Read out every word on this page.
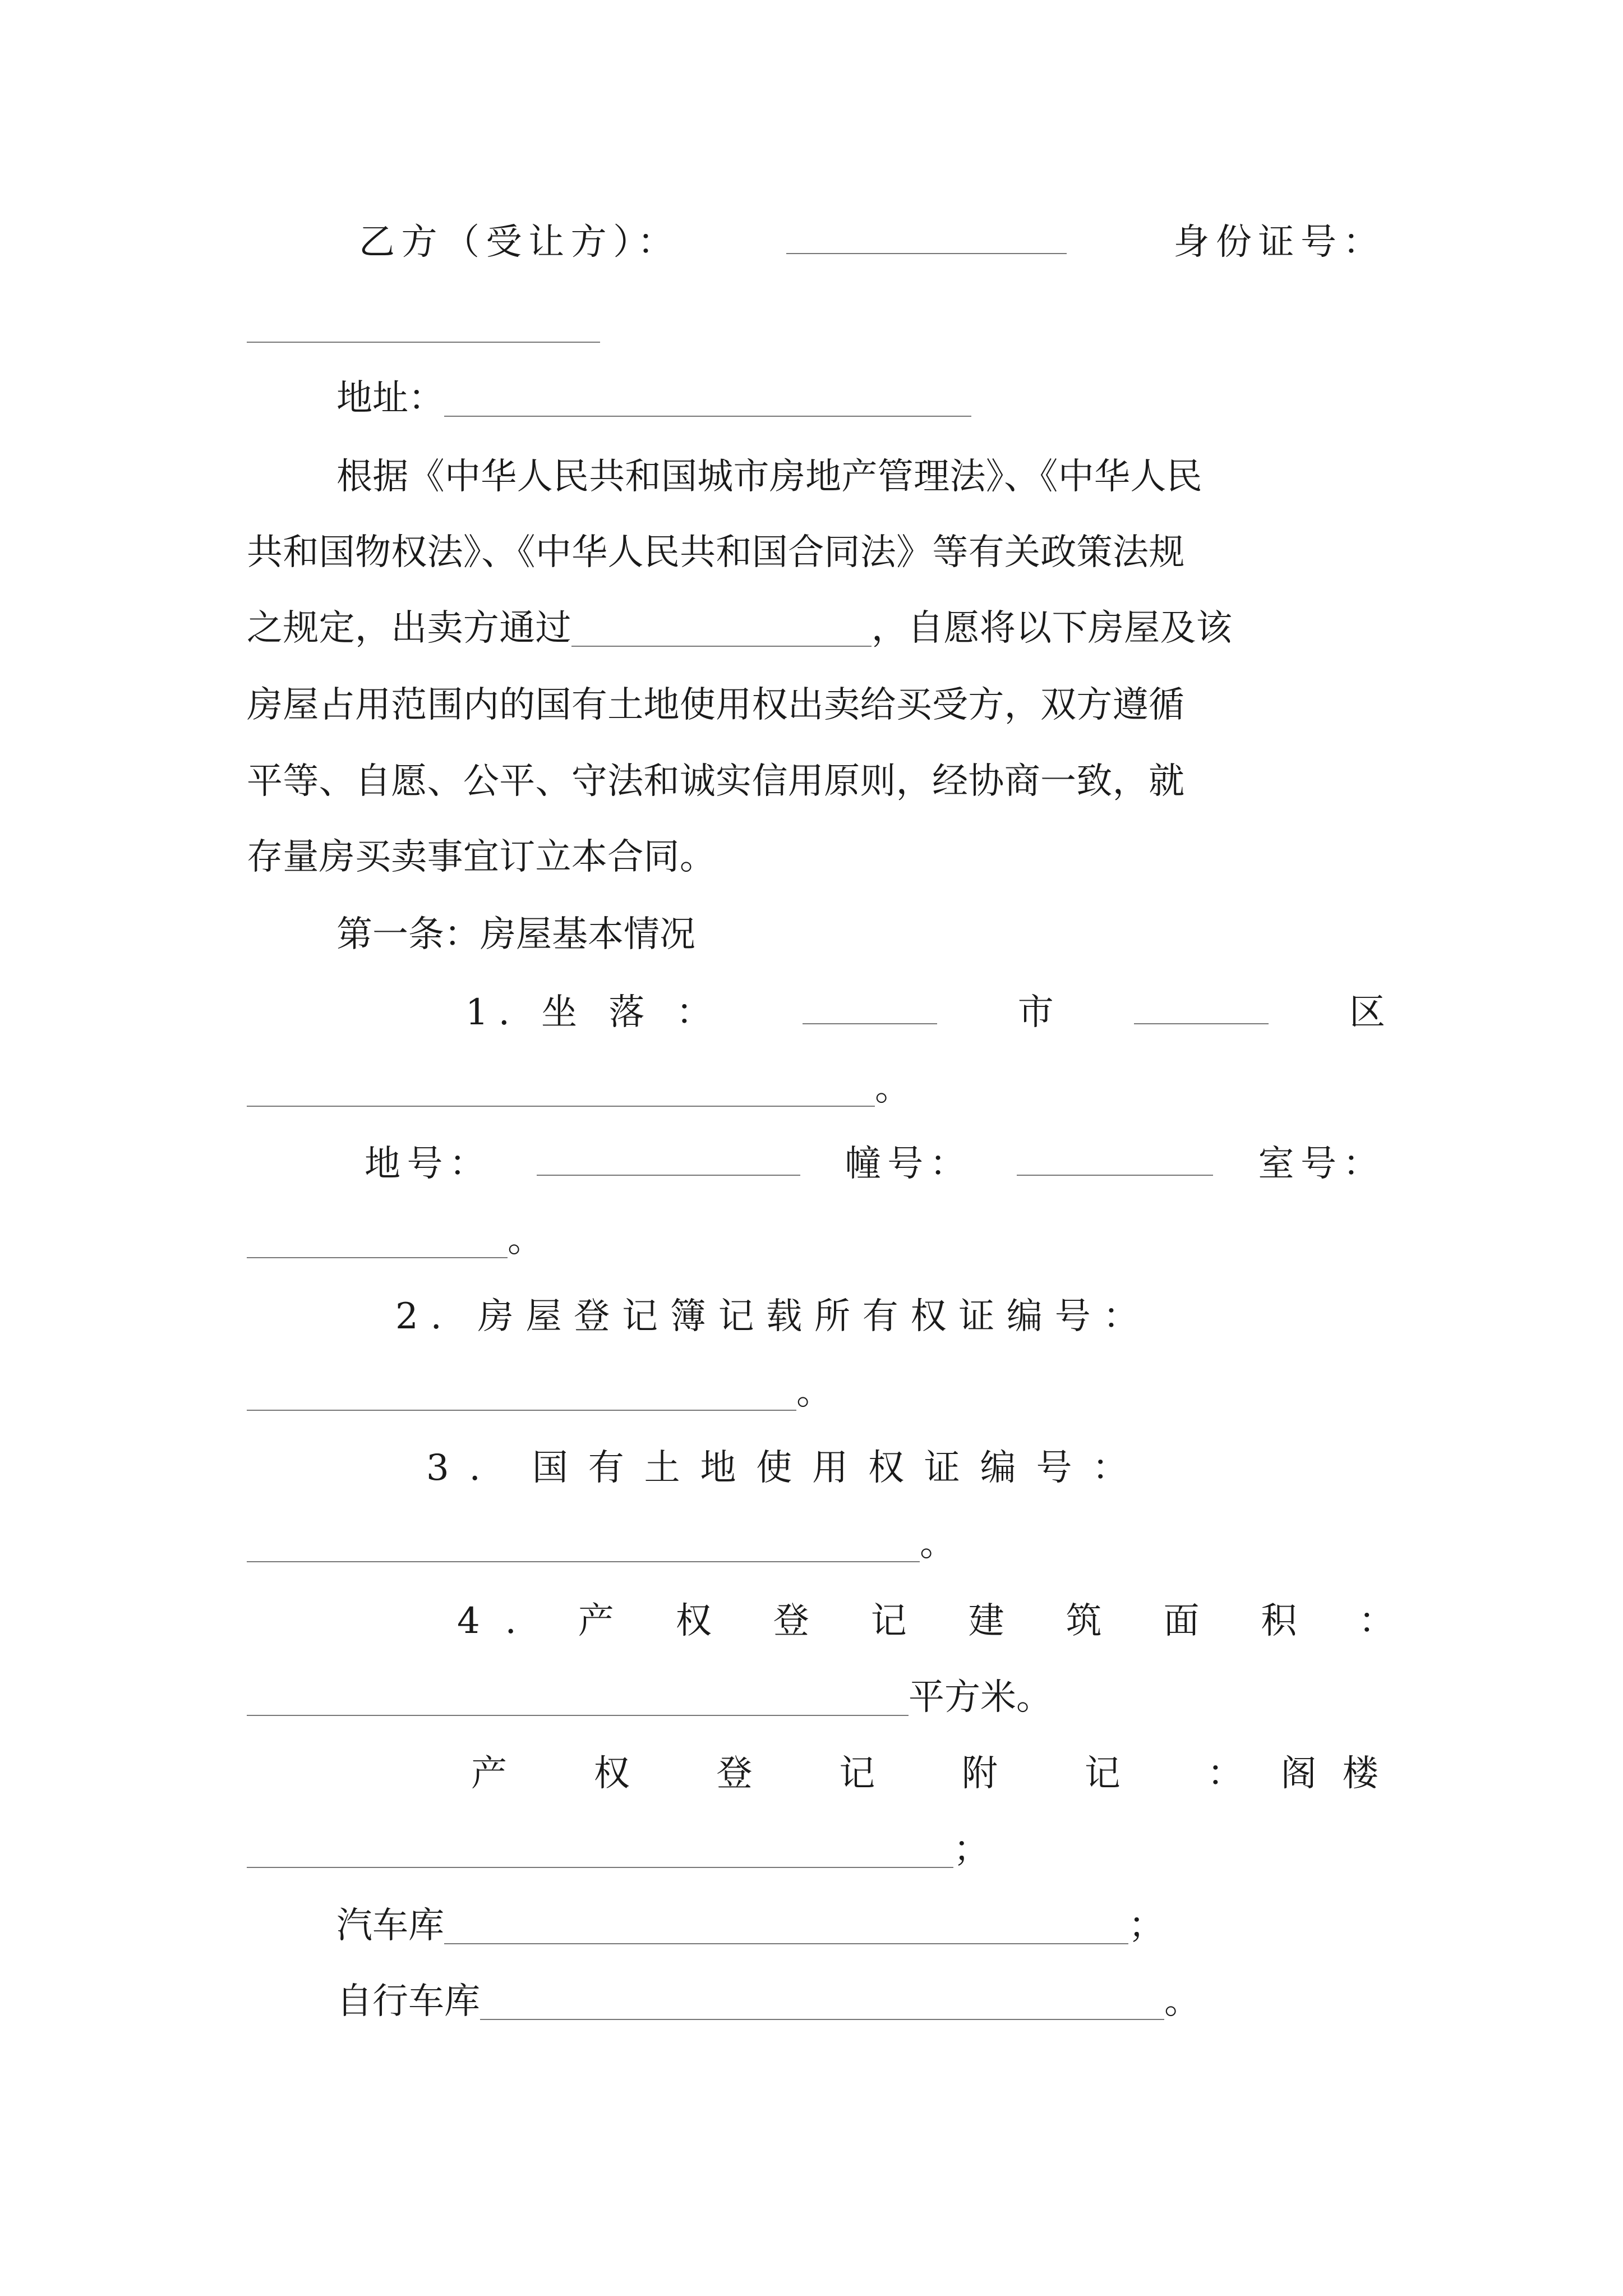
乙方（受让方）：	身份证号：
地址：
根据《中华人民共和国城市房地产管理法》、《中华人民
共和国物权法》、《中华人民共和国合同法》等有关政策法规
之规定，出卖方通过	，自愿将以下房屋及该
房屋占用范围内的国有土地使用权出卖给买受方，双方遵循
平等、自愿、公平、守法和诚实信用原则，经协商一致，就
存量房买卖事宜订立本合同。
第一条：房屋基本情况
1. 坐 落 ：	市	区
。
地号：	幢号：	室号：
。
2. 房屋登记簿记载所有权证编号：
。
3. 国有土地使用权证编号：
。
4. 产 权 登 记 建 筑 面 积 ：
平方米。
产 权 登 记 附 记 ： 阁楼
；
汽车库	；
自行车库	。
